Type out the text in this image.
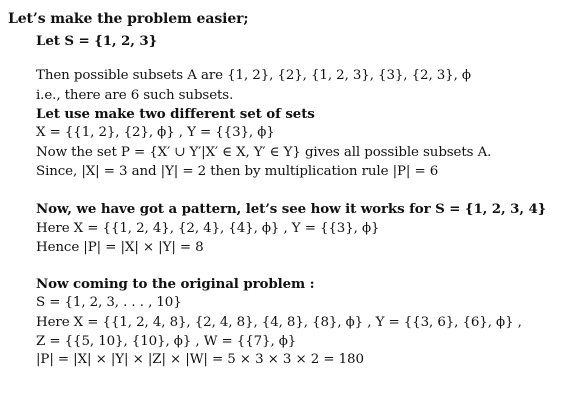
Let’s make the problem easier;
Let S = {1, 2, 3}
Then possible subsets A are {1, 2}, {2}, {1, 2, 3}, {3}, {2, 3}, ϕ
i.e., there are 6 such subsets.
Let use make two different set of sets
X = {{1, 2}, {2}, ϕ} , Y = {{3}, ϕ}
Now the set P = {X′ ∪ Y′|X′ ∈ X, Y′ ∈ Y} gives all possible subsets A.
Since, |X| = 3 and |Y| = 2 then by multiplication rule |P| = 6
Now, we have got a pattern, let’s see how it works for S = {1, 2, 3, 4}
Here X = {{1, 2, 4}, {2, 4}, {4}, ϕ} , Y = {{3}, ϕ}
Hence |P| = |X| × |Y| = 8
Now coming to the original problem :
S = {1, 2, 3, . . . , 10}
Here X = {{1, 2, 4, 8}, {2, 4, 8}, {4, 8}, {8}, ϕ} , Y = {{3, 6}, {6}, ϕ} ,
Z = {{5, 10}, {10}, ϕ} , W = {{7}, ϕ}
|P| = |X| × |Y| × |Z| × |W| = 5 × 3 × 3 × 2 = 180
